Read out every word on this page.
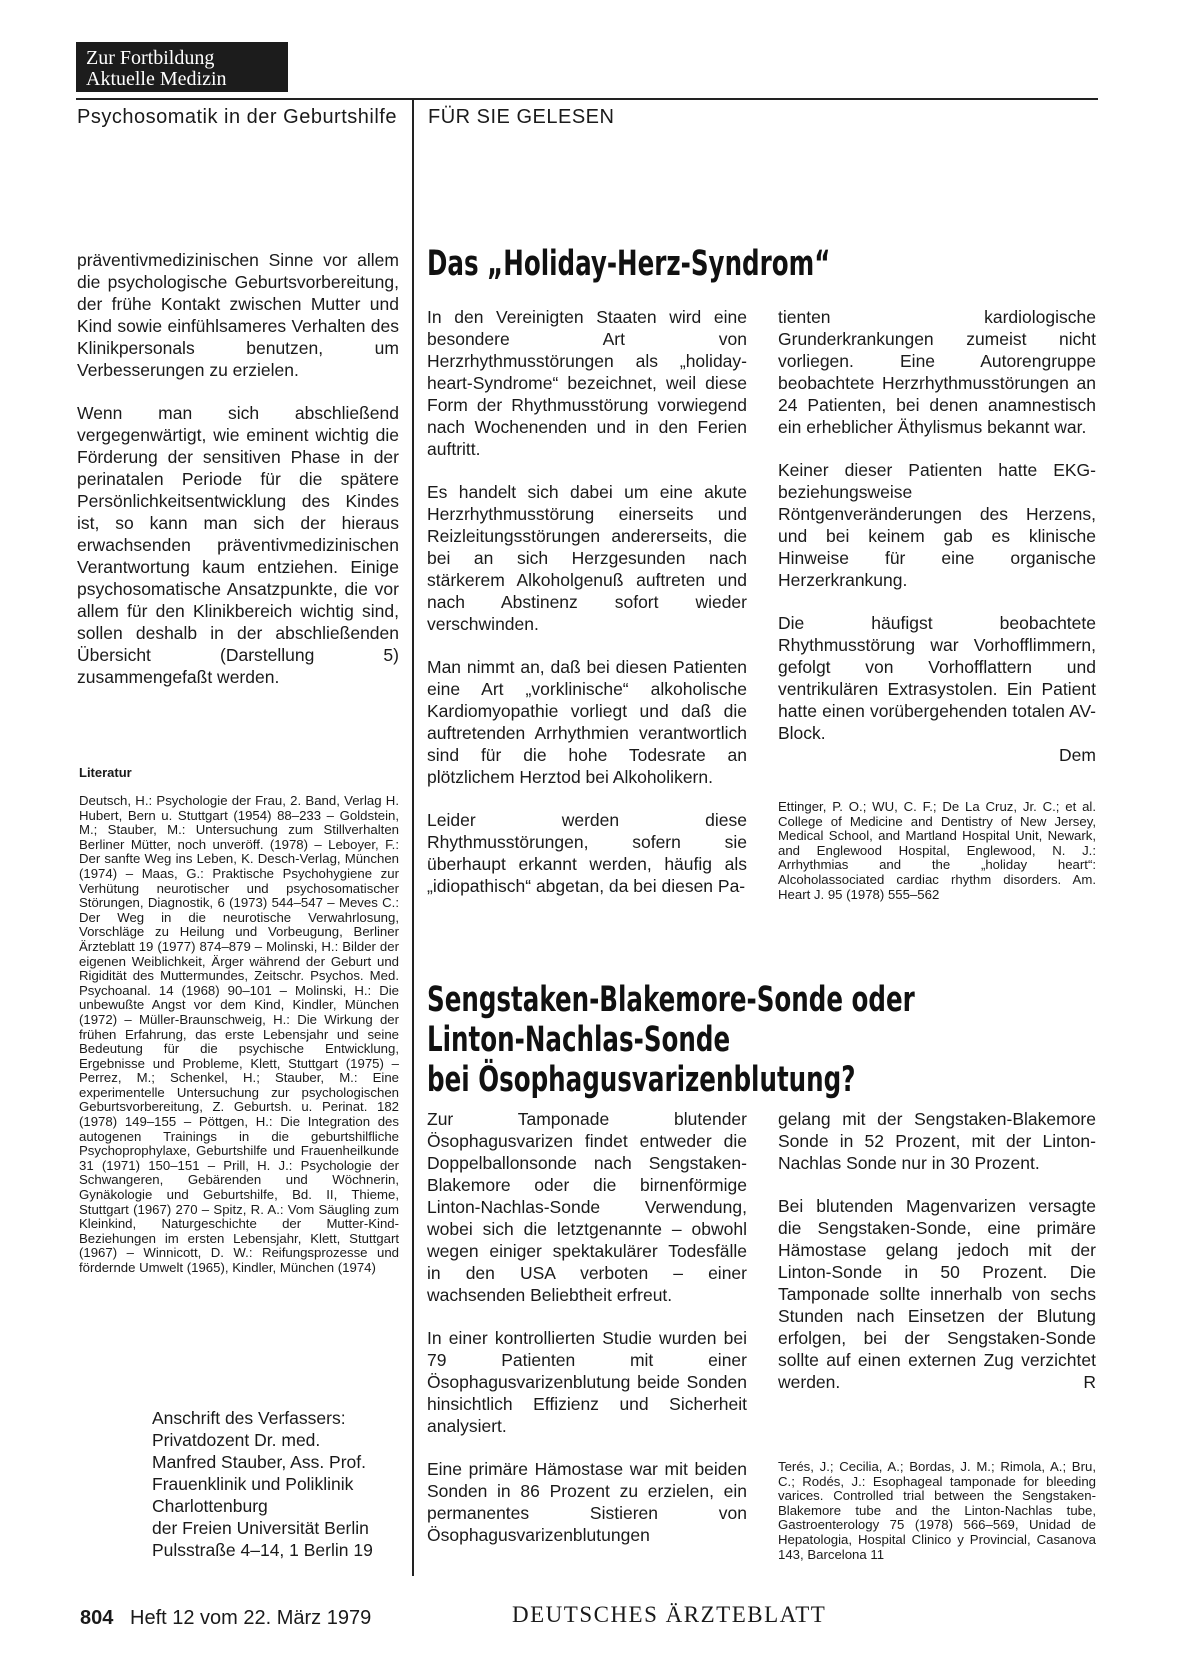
Zur Fortbildung
Aktuelle Medizin
Psychosomatik in der Geburtshilfe FÜR SIE GELESEN

präventivmedizinischen Sinne vor allem die psychologische Geburtsvorbereitung, der frühe Kontakt zwischen Mutter und Kind sowie einfühlsameres Verhalten des Klinikpersonals benutzen, um Verbesserungen zu erzielen.

Wenn man sich abschließend vergegenwärtigt, wie eminent wichtig die Förderung der sensitiven Phase in der perinatalen Periode für die spätere Persönlichkeitsentwicklung des Kindes ist, so kann man sich der hieraus erwachsenden präventivmedizinischen Verantwortung kaum entziehen. Einige psychosomatische Ansatzpunkte, die vor allem für den Klinikbereich wichtig sind, sollen deshalb in der abschließenden Übersicht (Darstellung 5) zusammengefaßt werden.

Literatur
Deutsch, H.: Psychologie der Frau, 2. Band, Verlag H. Hubert, Bern u. Stuttgart (1954) 88–233 – Goldstein, M.; Stauber, M.: Untersuchung zum Stillverhalten Berliner Mütter, noch unveröff. (1978) – Leboyer, F.: Der sanfte Weg ins Leben, K. Desch-Verlag, München (1974) – Maas, G.: Praktische Psychohygiene zur Verhütung neurotischer und psychosomatischer Störungen, Diagnostik, 6 (1973) 544–547 – Meves C.: Der Weg in die neurotische Verwahrlosung, Vorschläge zu Heilung und Vorbeugung, Berliner Ärzteblatt 19 (1977) 874–879 – Molinski, H.: Bilder der eigenen Weiblichkeit, Ärger während der Geburt und Rigidität des Muttermundes, Zeitschr. Psychos. Med. Psychoanal. 14 (1968) 90–101 – Molinski, H.: Die unbewußte Angst vor dem Kind, Kindler, München (1972) – Müller-Braunschweig, H.: Die Wirkung der frühen Erfahrung, das erste Lebensjahr und seine Bedeutung für die psychische Entwicklung, Ergebnisse und Probleme, Klett, Stuttgart (1975) – Perrez, M.; Schenkel, H.; Stauber, M.: Eine experimentelle Untersuchung zur psychologischen Geburtsvorbereitung, Z. Geburtsh. u. Perinat. 182 (1978) 149–155 – Pöttgen, H.: Die Integration des autogenen Trainings in die geburtshilfliche Psychoprophylaxe, Geburtshilfe und Frauenheilkunde 31 (1971) 150–151 – Prill, H. J.: Psychologie der Schwangeren, Gebärenden und Wöchnerin, Gynäkologie und Geburtshilfe, Bd. II, Thieme, Stuttgart (1967) 270 – Spitz, R. A.: Vom Säugling zum Kleinkind, Naturgeschichte der Mutter-Kind-Beziehungen im ersten Lebensjahr, Klett, Stuttgart (1967) – Winnicott, D. W.: Reifungsprozesse und fördernde Umwelt (1965), Kindler, München (1974)
Anschrift des Verfassers:
Privatdozent Dr. med.
Manfred Stauber, Ass. Prof.
Frauenklinik und Poliklinik
Charlottenburg
der Freien Universität Berlin
Pulsstraße 4–14, 1 Berlin 19
Das „Holiday-Herz-Syndrom“

In den Vereinigten Staaten wird eine besondere Art von Herzrhythmusstörungen als „holiday-heart-Syndrome“ bezeichnet, weil diese Form der Rhythmusstörung vorwiegend nach Wochenenden und in den Ferien auftritt.

Es handelt sich dabei um eine akute Herzrhythmusstörung einerseits und Reizleitungsstörungen andererseits, die bei an sich Herzgesunden nach stärkerem Alkoholgenuß auftreten und nach Abstinenz sofort wieder verschwinden.

Man nimmt an, daß bei diesen Patienten eine Art „vorklinische“ alkoholische Kardiomyopathie vorliegt und daß die auftretenden Arrhythmien verantwortlich sind für die hohe Todesrate an plötzlichem Herztod bei Alkoholikern.

Leider werden diese Rhythmusstörungen, sofern sie überhaupt erkannt werden, häufig als „idiopathisch“ abgetan, da bei diesen Pa-

tienten kardiologische Grunderkrankungen zumeist nicht vorliegen. Eine Autorengruppe beobachtete Herzrhythmusstörungen an 24 Patienten, bei denen anamnestisch ein erheblicher Äthylismus bekannt war.

Keiner dieser Patienten hatte EKG-beziehungsweise Röntgenveränderungen des Herzens, und bei keinem gab es klinische Hinweise für eine organische Herzerkrankung.

Die häufigst beobachtete Rhythmusstörung war Vorhofflimmern, gefolgt von Vorhofflattern und ventrikulären Extrasystolen. Ein Patient hatte einen vorübergehenden totalen AV-Block.

Dem
Ettinger, P. O.; WU, C. F.; De La Cruz, Jr. C.; et al. College of Medicine and Dentistry of New Jersey, Medical School, and Martland Hospital Unit, Newark, and Englewood Hospital, Englewood, N. J.: Arrhythmias and the „holiday heart“: Alcoholassociated cardiac rhythm disorders. Am. Heart J. 95 (1978) 555–562
Sengstaken-Blakemore-Sonde oder
Linton-Nachlas-Sonde
bei Ösophagusvarizenblutung?

Zur Tamponade blutender Ösophagusvarizen findet entweder die Doppelballonsonde nach Sengstaken-Blakemore oder die birnenförmige Linton-Nachlas-Sonde Verwendung, wobei sich die letztgenannte – obwohl wegen einiger spektakulärer Todesfälle in den USA verboten – einer wachsenden Beliebtheit erfreut.

In einer kontrollierten Studie wurden bei 79 Patienten mit einer Ösophagusvarizenblutung beide Sonden hinsichtlich Effizienz und Sicherheit analysiert.

Eine primäre Hämostase war mit beiden Sonden in 86 Prozent zu erzielen, ein permanentes Sistieren von Ösophagusvarizenblutungen

gelang mit der Sengstaken-Blakemore Sonde in 52 Prozent, mit der Linton-Nachlas Sonde nur in 30 Prozent.

Bei blutenden Magenvarizen versagte die Sengstaken-Sonde, eine primäre Hämostase gelang jedoch mit der Linton-Sonde in 50 Prozent. Die Tamponade sollte innerhalb von sechs Stunden nach Einsetzen der Blutung erfolgen, bei der Sengstaken-Sonde sollte auf einen externen Zug verzichtet werden.	R
Terés, J.; Cecilia, A.; Bordas, J. M.; Rimola, A.; Bru, C.; Rodés, J.: Esophageal tamponade for bleeding varices. Controlled trial between the Sengstaken-Blakemore tube and the Linton-Nachlas tube, Gastroenterology 75 (1978) 566–569, Unidad de Hepatologia, Hospital Clinico y Provincial, Casanova 143, Barcelona 11
804 Heft 12 vom 22. März 1979	DEUTSCHES ÄRZTEBLATT
